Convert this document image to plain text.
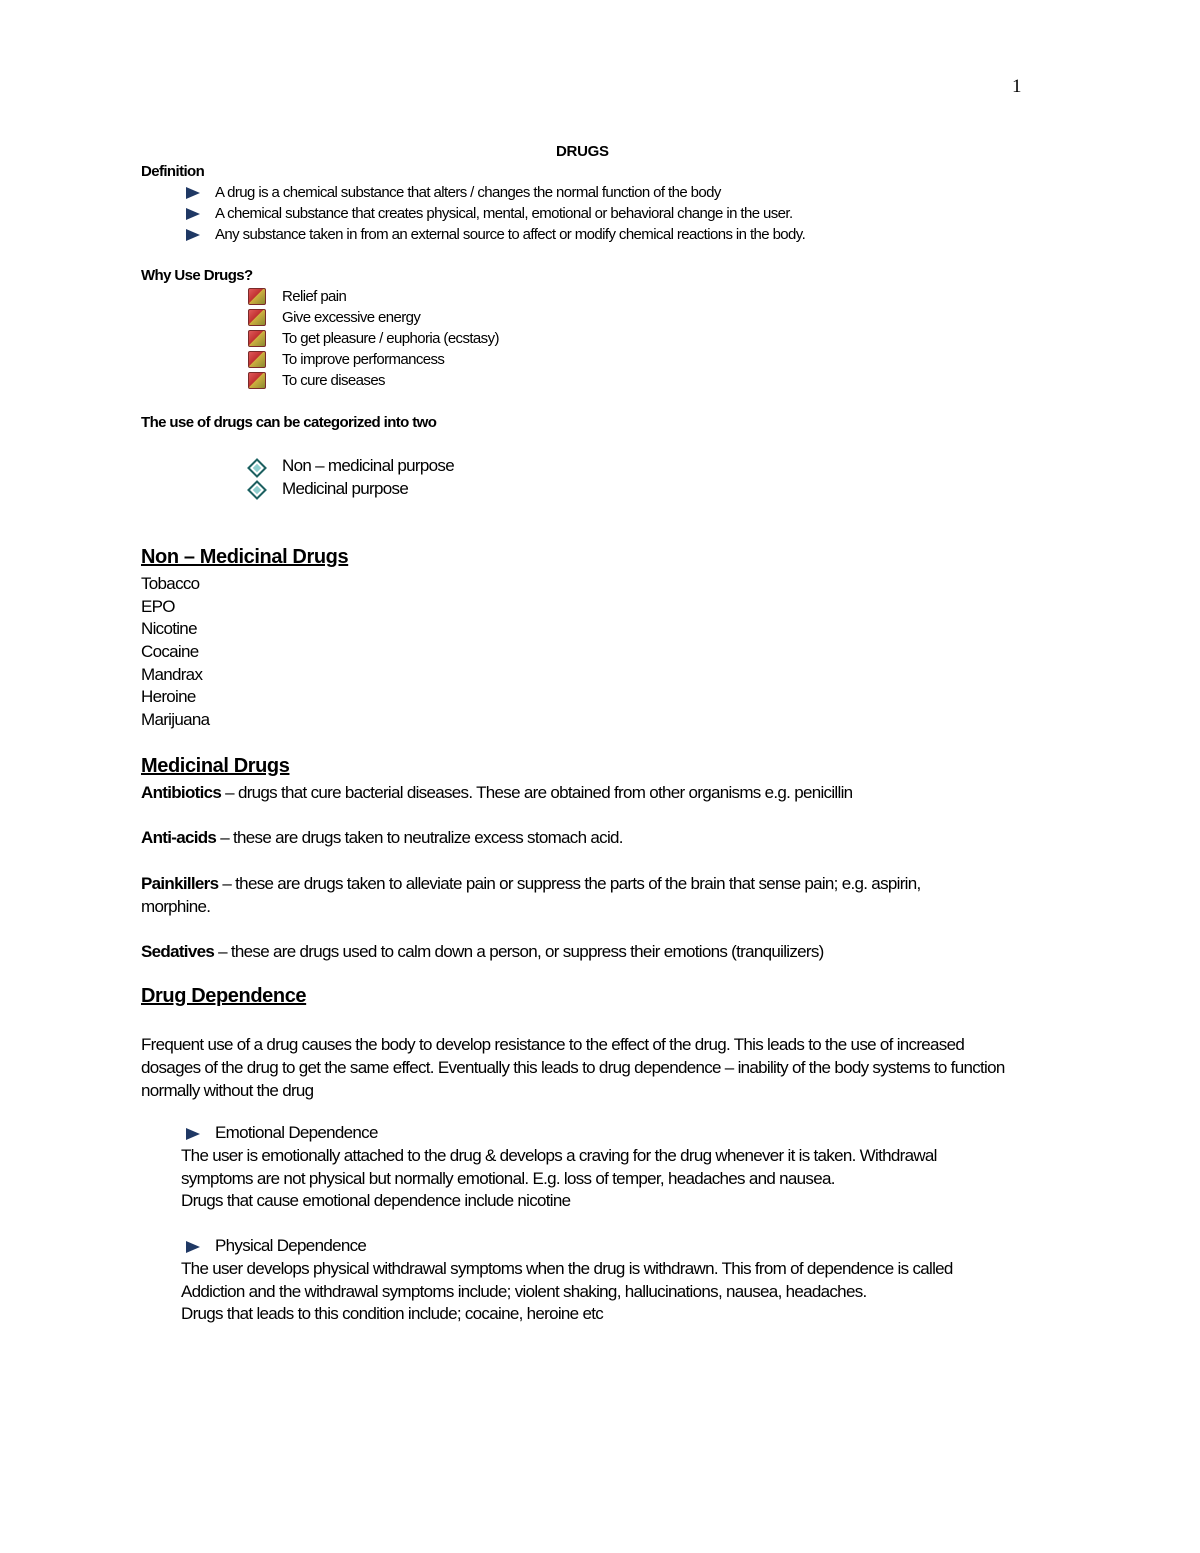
1
DRUGS
Definition
A drug is a chemical substance that alters / changes the normal function of the body
A chemical substance that creates physical, mental, emotional or behavioral change in the user.
Any substance taken in from an external source to affect or modify chemical reactions in the body.
Why Use Drugs?
Relief pain
Give excessive energy
To get pleasure / euphoria (ecstasy)
To improve performancess
To cure diseases
The use of drugs can be categorized into two
Non – medicinal purpose
Medicinal purpose
Non – Medicinal Drugs
Tobacco
EPO
Nicotine
Cocaine
Mandrax
Heroine
Marijuana
Medicinal Drugs
Antibiotics – drugs that cure bacterial diseases. These are obtained from other organisms e.g. penicillin
Anti-acids – these are drugs taken to neutralize excess stomach acid.
Painkillers – these are drugs taken to alleviate pain or suppress the parts of the brain that sense pain; e.g. aspirin, morphine.
Sedatives – these are drugs used to calm down a person, or suppress their emotions (tranquilizers)
Drug Dependence
Frequent use of a drug causes the body to develop resistance to the effect of the drug. This leads to the use of increased dosages of the drug to get the same effect. Eventually this leads to drug dependence – inability of the body systems to function normally without the drug
Emotional Dependence
The user is emotionally attached to the drug & develops a craving for the drug whenever it is taken. Withdrawal
symptoms are not physical but normally emotional. E.g. loss of temper, headaches and nausea.
Drugs that cause emotional dependence include nicotine
Physical Dependence
The user develops physical withdrawal symptoms when the drug is withdrawn. This from of dependence is called
Addiction and the withdrawal symptoms include; violent shaking, hallucinations, nausea, headaches.
Drugs that leads to this condition include; cocaine, heroine etc
